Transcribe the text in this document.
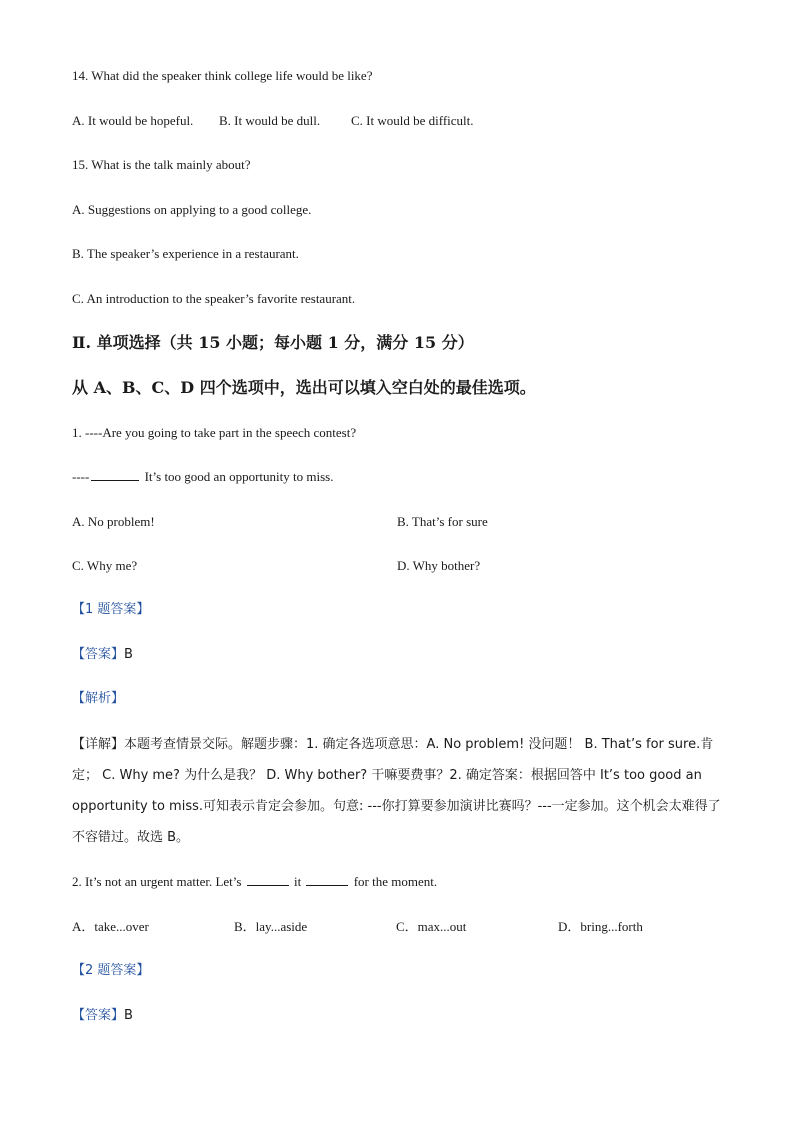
14. What did the speaker think college life would be like?
A. It would be hopeful. B. It would be dull. C. It would be difficult.
15. What is the talk mainly about?
A. Suggestions on applying to a good college.
B. The speaker’s experience in a restaurant.
C. An introduction to the speaker’s favorite restaurant.
Ⅱ. 单项选择（共 15 小题；每小题 1 分，满分 15 分）
从 A、B、C、D 四个选项中，选出可以填入空白处的最佳选项。
1. ----Are you going to take part in the speech contest?
----	It’s too good an opportunity to miss.
A. No problem!	B. That’s for sure
C. Why me?	D. Why bother?
【1 题答案】
【答案】B
【解析】
【详解】本题考查情景交际。解题步骤：1. 确定各选项意思：A. No problem! 没问题！ B. That’s for sure.肯定； C. Why me? 为什么是我？ D. Why bother? 干嘛要费事？2. 确定答案：根据回答中 It’s too good an opportunity to miss.可知表示肯定会参加。句意: ---你打算要参加演讲比赛吗？---一定参加。这个机会太难得了不容错过。故选 B。
2. It’s not an urgent matter. Let’s	it	for the moment.
A．take...over	B．lay...aside	C．max...out	D．bring...forth
【2 题答案】
【答案】B
